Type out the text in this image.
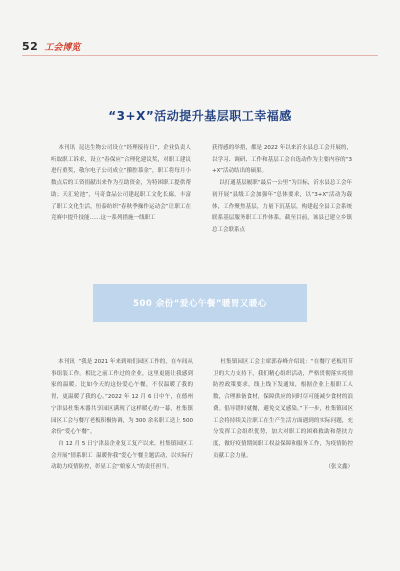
52 工会博览
“3+X”活动提升基层职工幸福感

本刊讯  昆达生物公司设立“经理接待日”，企业负责人听取职工诉求，设立“春保应”合理化建议奖，对职工建议进行重奖，敬尔电子公司成立“攥腔慕金”，职工将每月小数点后的工资捐献出来作为互助资金，为特困职工提供帮助；天汇轮池”，马奇食品公司建起职工文化长廊，丰富了职工文化生活，恒泰纺织“春秋季操作运动会”让职工在竞赛中提升技能……这一系列措施一线职工

获得感的举措，都是 2022 年以来沂水县总工会开展的，以学习、调研、工作和基层工会自选动作为主要内容的“3+X”活动结出的硕果。
以打通基层履职“最后一公里”为目标，沂水县总工会年初开展“县级工会加强年”总体要求，以“3+X”活动为载体，工作聚焦基层，力量下沉基层，构建起全县工会系统联系基层服务职工工作体系。截至目前，该县已建立乡镇总工会联系点

500 余份“爱心午餐”暖胃又暖心

本刊讯  “我是 2021 年来到咱们园区工作的，在车间从事组装工作。相比之前工作过的企业，这里更能让我感到家的温暖。比如今天的这份爱心午餐，不仅温暖了我的胃，更温暖了我的心。”2022 年 12 月 6 日中午，在德州宁津县杜集木器共享园区满现了这样暖心的一幕，杜集镇园区工会与餐厅老板积极协调，为 300 余名职工送上 500 余份“爱心午餐”。
自 12 月 5 日宁津县企业复工复产以来，杜集镇园区工会开展“情系职工  温暖你我”爱心午餐主题活动，以实际行动助力疫情防控，彰显工会“娘家人”的责任担当。

杜集镇园区工会主席郭春峰介绍说：“在餐厅老板用节卫的大力支持下，我们精心组织活动，严格贯彻落实疫情防控政策要求，线上线下发通知，根据企业上报职工人数，合理准备食材，保障供应的同时尽可能减少食材的浪费。倡导错时就餐，避免交叉感染。”下一步，杜集镇园区工会将持续关注职工在生产生活方面遇到的实际问题，充分发挥工会组织优势，加大对职工的困难救助和帮扶力度，做好疫情期间职工权益保障和服务工作，为疫情防控贡献工会力量。
（张文鑫）
